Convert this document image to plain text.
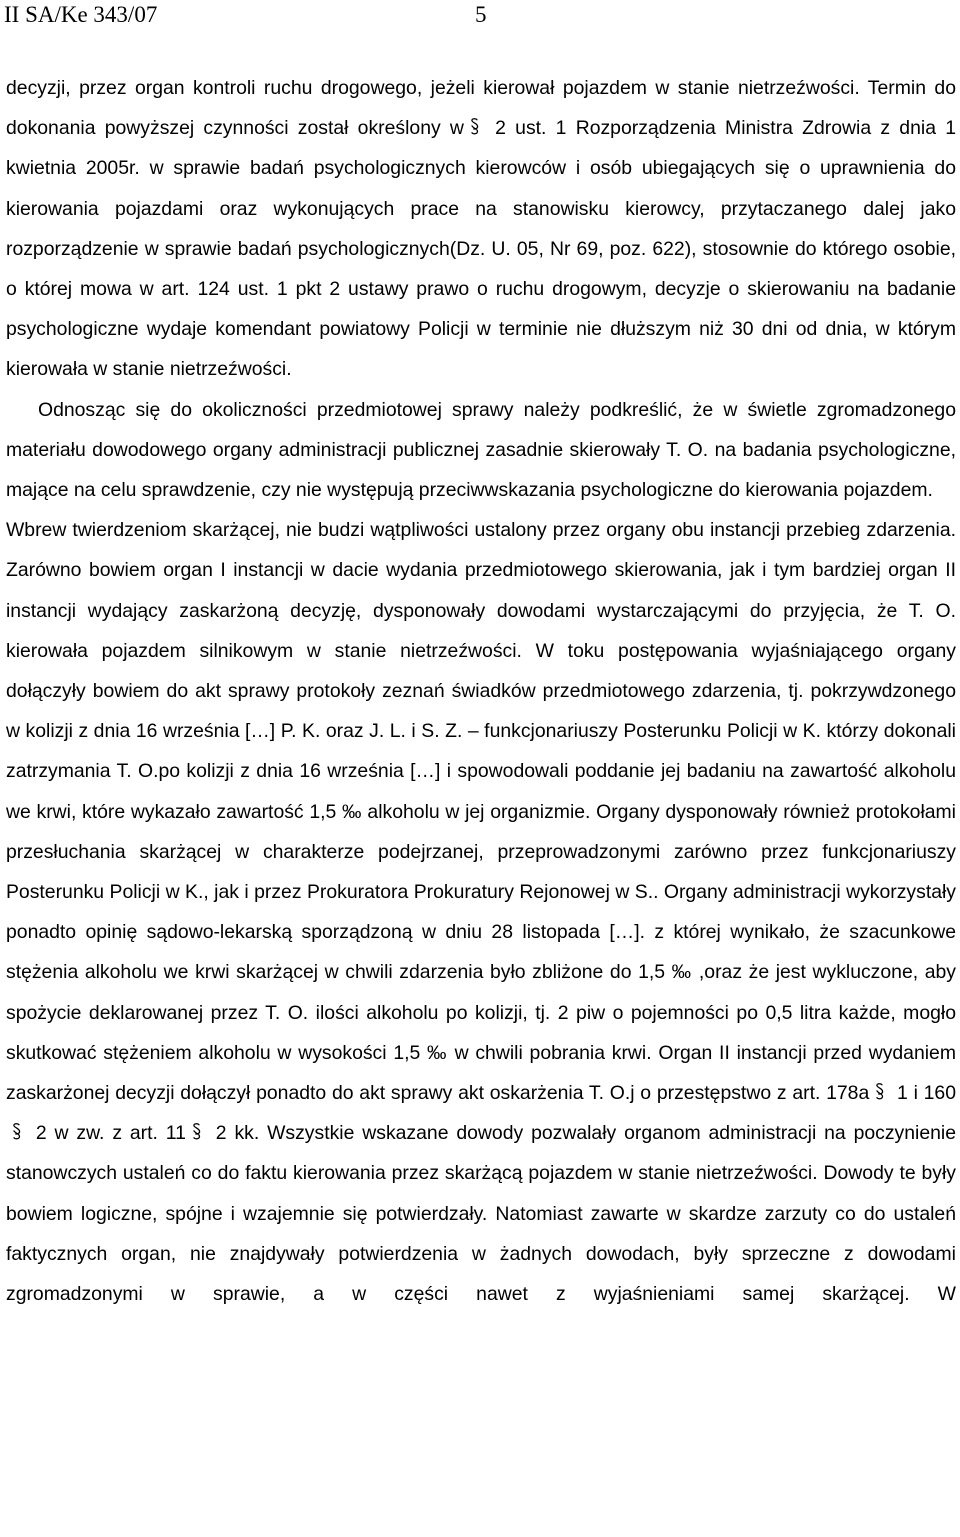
II SA/Ke 343/07	5

decyzji, przez organ kontroli ruchu drogowego, jeżeli kierował pojazdem w stanie nietrzeźwości. Termin do dokonania powyższej czynności został określony w
2 ust. 1 Rozporządzenia Ministra Zdrowia z dnia 1 kwietnia 2005r. w sprawie badań psychologicznych kierowców i osób ubiegających się o uprawnienia do kierowania pojazdami oraz wykonujących prace na stanowisku kierowcy, przytaczanego dalej jako rozporządzenie w sprawie badań psychologicznych(Dz. U. 05, Nr 69, poz. 622), stosownie do którego osobie, o której mowa w art. 124 ust. 1 pkt 2 ustawy prawo o ruchu drogowym, decyzje o skierowaniu na badanie psychologiczne wydaje komendant powiatowy Policji w terminie nie dłuższym niż 30 dni od dnia, w którym kierowała w stanie nietrzeźwości.

Odnosząc się do okoliczności przedmiotowej sprawy należy podkreślić, że w świetle zgromadzonego materiału dowodowego organy administracji publicznej zasadnie skierowały T. O. na badania psychologiczne, mające na celu sprawdzenie, czy nie występują przeciwwskazania psychologiczne do kierowania pojazdem.

Wbrew twierdzeniom skarżącej, nie budzi wątpliwości ustalony przez organy obu instancji przebieg zdarzenia. Zarówno bowiem organ I instancji w dacie wydania przedmiotowego skierowania, jak i tym bardziej organ II instancji wydający zaskarżoną decyzję, dysponowały dowodami wystarczającymi do przyjęcia, że T. O. kierowała pojazdem silnikowym w stanie nietrzeźwości. W toku postępowania wyjaśniającego organy dołączyły bowiem do akt sprawy protokoły zeznań świadków przedmiotowego zdarzenia, tj. pokrzywdzonego w kolizji z dnia 16 września […] P. K. oraz J. L. i S. Z. – funkcjonariuszy Posterunku Policji w K. którzy dokonali zatrzymania T. O.po kolizji z dnia 16 września […] i spowodowali poddanie jej badaniu na zawartość alkoholu we krwi, które wykazało zawartość 1,5 ‰ alkoholu w jej organizmie. Organy dysponowały również protokołami przesłuchania skarżącej w charakterze podejrzanej, przeprowadzonymi zarówno przez funkcjonariuszy Posterunku Policji w K., jak i przez Prokuratora Prokuratury Rejonowej w S.. Organy administracji wykorzystały ponadto opinię sądowo-lekarską sporządzoną w dniu 28 listopada […]. z której wynikało, że szacunkowe stężenia alkoholu we krwi skarżącej w chwili zdarzenia było zbliżone do 1,5 ‰ ,oraz że jest wykluczone, aby spożycie deklarowanej przez T. O. ilości alkoholu po kolizji, tj. 2 piw o pojemności po 0,5 litra każde, mogło skutkować stężeniem alkoholu w wysokości 1,5 ‰ w chwili pobrania krwi. Organ II instancji przed wydaniem zaskarżonej decyzji dołączył ponadto do akt sprawy akt oskarżenia T. O.j o przestępstwo z art. 178a
1 i 160
2 w zw. z art. 11
2 kk. Wszystkie wskazane dowody pozwalały organom administracji na poczynienie stanowczych ustaleń co do faktu kierowania przez skarżącą pojazdem w stanie nietrzeźwości. Dowody te były bowiem logiczne, spójne i wzajemnie się potwierdzały. Natomiast zawarte w skardze zarzuty co do ustaleń faktycznych organ, nie znajdywały potwierdzenia w żadnych dowodach, były sprzeczne z dowodami zgromadzonymi w sprawie, a w części nawet z wyjaśnieniami samej skarżącej. W
